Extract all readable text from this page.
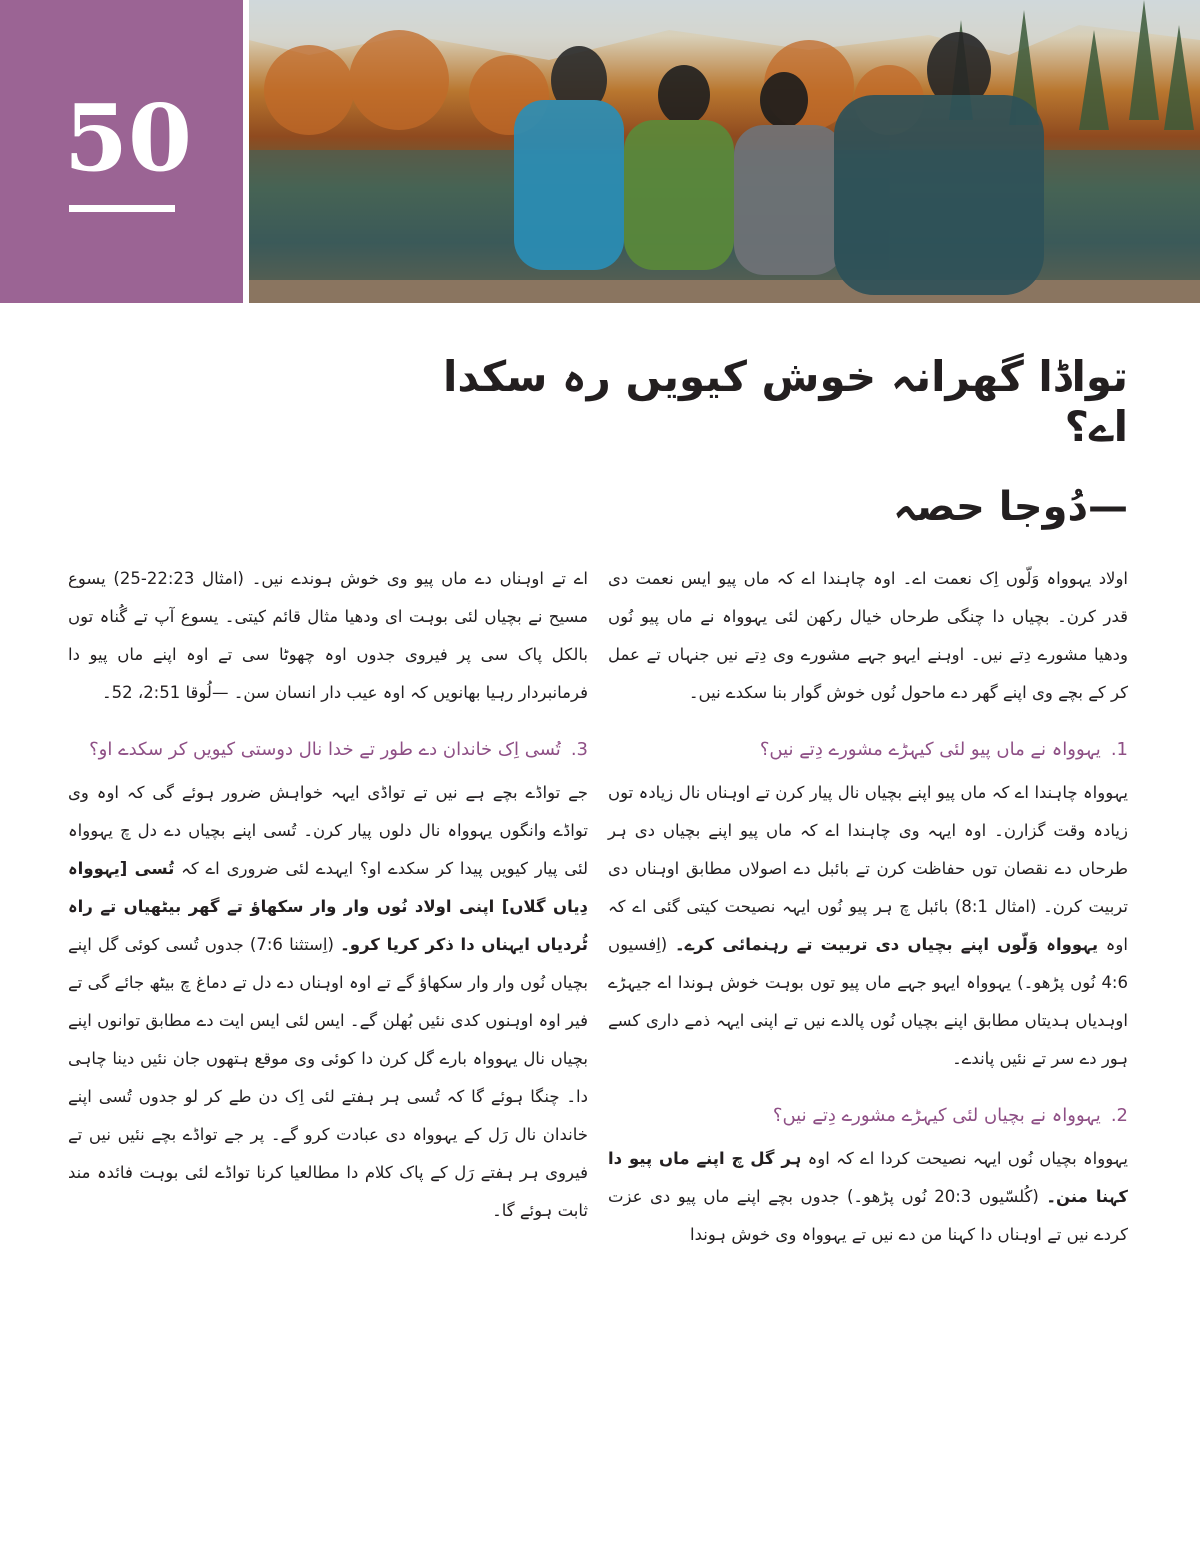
50
تواڈا گھرانہ خوش کیویں رہ سکدا اے؟
—دُوجا حصہ

اولاد یہوواہ وَلّوں اِک نعمت اے۔ اوہ چاہندا اے کہ ماں پیو ایس نعمت دی قدر کرن۔ بچیاں دا چنگی طرحاں خیال رکھن لئی یہوواہ نے ماں پیو نُوں ودھیا مشورے دِتے نیں۔ اوہنے ایہو جہے مشورے وی دِتے نیں جنہاں تے عمل کر کے بچے وی اپنے گھر دے ماحول نُوں خوش گوار بنا سکدے نیں۔

1.یہوواہ نے ماں پیو لئی کیہڑے مشورے دِتے نیں؟

یہوواہ چاہندا اے کہ ماں پیو اپنے بچیاں نال پیار کرن تے اوہناں نال زیادہ توں زیادہ وقت گزارن۔ اوہ ایہہ وی چاہندا اے کہ ماں پیو اپنے بچیاں دی ہر طرحاں دے نقصان توں حفاظت کرن تے بائبل دے اصولاں مطابق اوہناں دی تربیت کرن۔ (امثال 8:1) بائبل چ ہر پیو نُوں ایہہ نصیحت کیتی گئی اے کہ اوہ یہوواہ وَلّوں اپنے بچیاں دی تربیت تے رہنمائی کرے۔ (اِفسیوں 4:6 نُوں پڑھو۔) یہوواہ ایہو جہے ماں پیو توں بوہت خوش ہوندا اے جیہڑے اوہدیاں ہدیتاں مطابق اپنے بچیاں نُوں پالدے نیں تے اپنی ایہہ ذمے داری کسے ہور دے سر تے نئیں پاندے۔

2.یہوواہ نے بچیاں لئی کیہڑے مشورے دِتے نیں؟

یہوواہ بچیاں نُوں ایہہ نصیحت کردا اے کہ اوہ ہر گل چ اپنے ماں پیو دا کہنا منن۔ (کُلسّیوں 20:3 نُوں پڑھو۔) جدوں بچے اپنے ماں پیو دی عزت کردے نیں تے اوہناں دا کہنا من دے نیں تے یہوواہ وی خوش ہوندا

اے تے اوہناں دے ماں پیو وی خوش ہوندے نیں۔ (امثال 22:23-25) یسوع مسیح نے بچیاں لئی بوہت ای ودھیا مثال قائم کیتی۔ یسوع آپ تے گُناہ توں بالکل پاک سی پر فیروی جدوں اوہ چھوٹا سی تے اوہ اپنے ماں پیو دا فرمانبردار رہیا بھانویں کہ اوہ عیب دار انسان سن۔ —لُوقا 2:51، 52۔

3.تُسی اِک خاندان دے طور تے خدا نال دوستی کیویں کر سکدے او؟

جے تواڈے بچے ہے نیں تے تواڈی ایہہ خواہش ضرور ہوئے گی کہ اوہ وی تواڈے وانگوں یہوواہ نال دلوں پیار کرن۔ تُسی اپنے بچیاں دے دل چ یہوواہ لئی پیار کیویں پیدا کر سکدے او؟ ایہدے لئی ضروری اے کہ تُسی [یہوواہ دِیاں گلاں] اپنی اولاد نُوں وار وار سکھاؤ تے گھر بیٹھیاں تے راہ ٹُردیاں ایہناں دا ذکر کریا کرو۔ (اِستثنا 7:6) جدوں تُسی کوئی گل اپنے بچیاں نُوں وار وار سکھاؤ گے تے اوہ اوہناں دے دل تے دماغ چ بیٹھ جائے گی تے فیر اوہ اوہنوں کدی نئیں بُھلن گے۔ ایس لئی ایس ایت دے مطابق توانوں اپنے بچیاں نال یہوواہ بارے گل کرن دا کوئی وی موقع ہتھوں جان نئیں دینا چاہی دا۔ چنگا ہوئے گا کہ تُسی ہر ہفتے لئی اِک دن طے کر لو جدوں تُسی اپنے خاندان نال رَل کے یہوواہ دی عبادت کرو گے۔ پر جے تواڈے بچے نئیں نیں تے فیروی ہر ہفتے رَل کے پاک کلام دا مطالعیا کرنا تواڈے لئی بوہت فائدہ مند ثابت ہوئے گا۔
